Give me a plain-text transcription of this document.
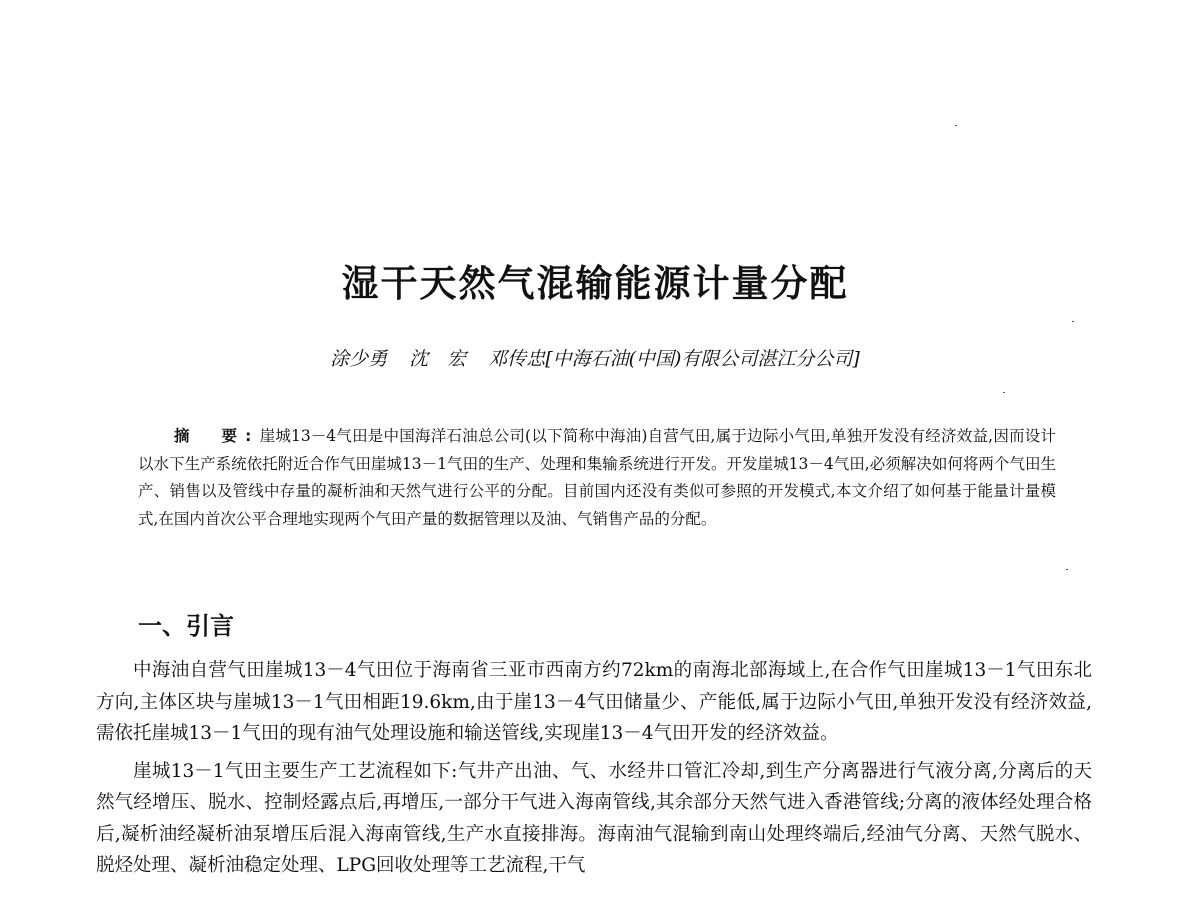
湿干天然气混输能源计量分配
涂少勇 沈　宏 邓传忠[中海石油(中国)有限公司湛江分公司]

摘　要:崖城13－4气田是中国海洋石油总公司(以下简称中海油)自营气田,属于边际小气田,单独开发没有经济效益,因而设计以水下生产系统依托附近合作气田崖城13－1气田的生产、处理和集输系统进行开发。开发崖城13－4气田,必须解决如何将两个气田生产、销售以及管线中存量的凝析油和天然气进行公平的分配。目前国内还没有类似可参照的开发模式,本文介绍了如何基于能量计量模式,在国内首次公平合理地实现两个气田产量的数据管理以及油、气销售产品的分配。

一、引言

中海油自营气田崖城13－4气田位于海南省三亚市西南方约72km的南海北部海域上,在合作气田崖城13－1气田东北方向,主体区块与崖城13－1气田相距19.6km,由于崖13－4气田储量少、产能低,属于边际小气田,单独开发没有经济效益,需依托崖城13－1气田的现有油气处理设施和输送管线,实现崖13－4气田开发的经济效益。

崖城13－1气田主要生产工艺流程如下:气井产出油、气、水经井口管汇冷却,到生产分离器进行气液分离,分离后的天然气经增压、脱水、控制烃露点后,再增压,一部分干气进入海南管线,其余部分天然气进入香港管线;分离的液体经处理合格后,凝析油经凝析油泵增压后混入海南管线,生产水直接排海。海南油气混输到南山处理终端后,经油气分离、天然气脱水、脱烃处理、凝析油稳定处理、LPG回收处理等工艺流程,干气
